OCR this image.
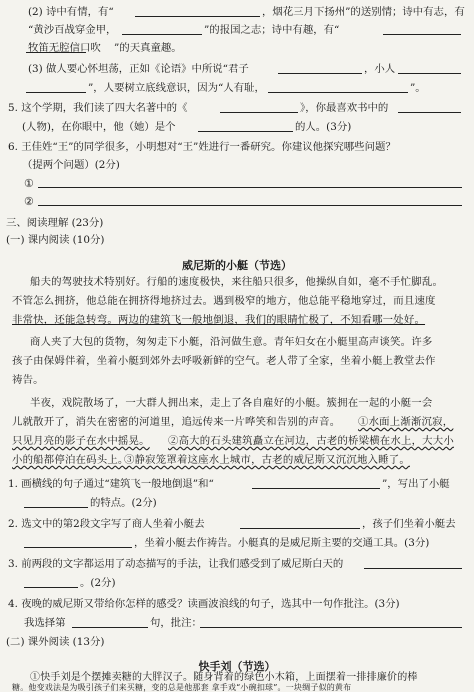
(2) 诗中有情，有“	，烟花三月下扬州”的送别情；诗中有志，有
“黄沙百战穿金甲，	”的报国之志；诗中有趣，有“
牧笛无腔信口吹 ”的天真童趣。
(3) 做人要心怀坦荡，正如《论语》中所说“君子	，小人
”，人要树立底线意识，因为“人有耻，	”。
5. 这个学期，我们读了四大名著中的《	》，你最喜欢书中的
(人物)，在你眼中，他（她）是个	的人。(3分)
6. 王佳姓“王”的同学很多，小明想对“王”姓进行一番研究。你建议他探究哪些问题？
（提两个问题）(2分)
①
②
三、阅读理解 (23分)
(一) 课内阅读 (10分)
威尼斯的小艇（节选）
船夫的驾驶技术特别好。行船的速度极快，来往船只很多，他操纵自如，毫不手忙脚乱。
不管怎么拥挤，他总能在拥挤得地挤过去。遇到极窄的地方，他总能平稳地穿过，而且速度
非常快，还能急转弯。两边的建筑飞一般地倒退，我们的眼睛忙极了，不知看哪一处好。
商人夹了大包的货物，匆匆走下小艇，沿河做生意。青年妇女在小艇里高声谈笑。许多
孩子由保姆伴着，坐着小艇到郊外去呼吸新鲜的空气。老人带了全家，坐着小艇上教堂去作
祷告。
半夜，戏院散场了，一大群人拥出来，走上了各自雇好的小艇。簇拥在一起的小艇一会
儿就散开了，消失在密密的河道里，追远传来一片哗笑和告别的声音。 ①水面上渐渐沉寂，
只见月亮的影子在水中摇晃。 ②高大的石头建筑矗立在河边，古老的桥梁横在水上，大大小
小的船都停泊在码头上。
③静寂笼罩着这座水上城市，古老的威尼斯又沉沉地入睡了。
1. 画横线的句子通过“建筑飞一般地倒退”和“	”，写出了小艇
的特点。(2分)
2. 选文中的第2段文字写了商人坐着小艇去	，孩子们坐着小艇去
，坐着小艇去作祷告。小艇真的是威尼斯主要的交通工具。(3分)
3. 前两段的文字都运用了动态描写的手法，让我们感受到了威尼斯白天的
。(2分)
4. 夜晚的威尼斯又带给你怎样的感受？读画波浪线的句子，选其中一句作批注。(3分)
我选择第	句，批注：
(二) 课外阅读 (13分)
快手刘（节选）
①快手刘是个摆摊卖糖的大胖汉子。随身背着的绿色小木箱，上面摆着一排排廉价的棒
糖。他变戏法是为吸引孩子们来买糖，变的总是他那套 拿手戏“小碗扣球”。一块绸子似的黄布
